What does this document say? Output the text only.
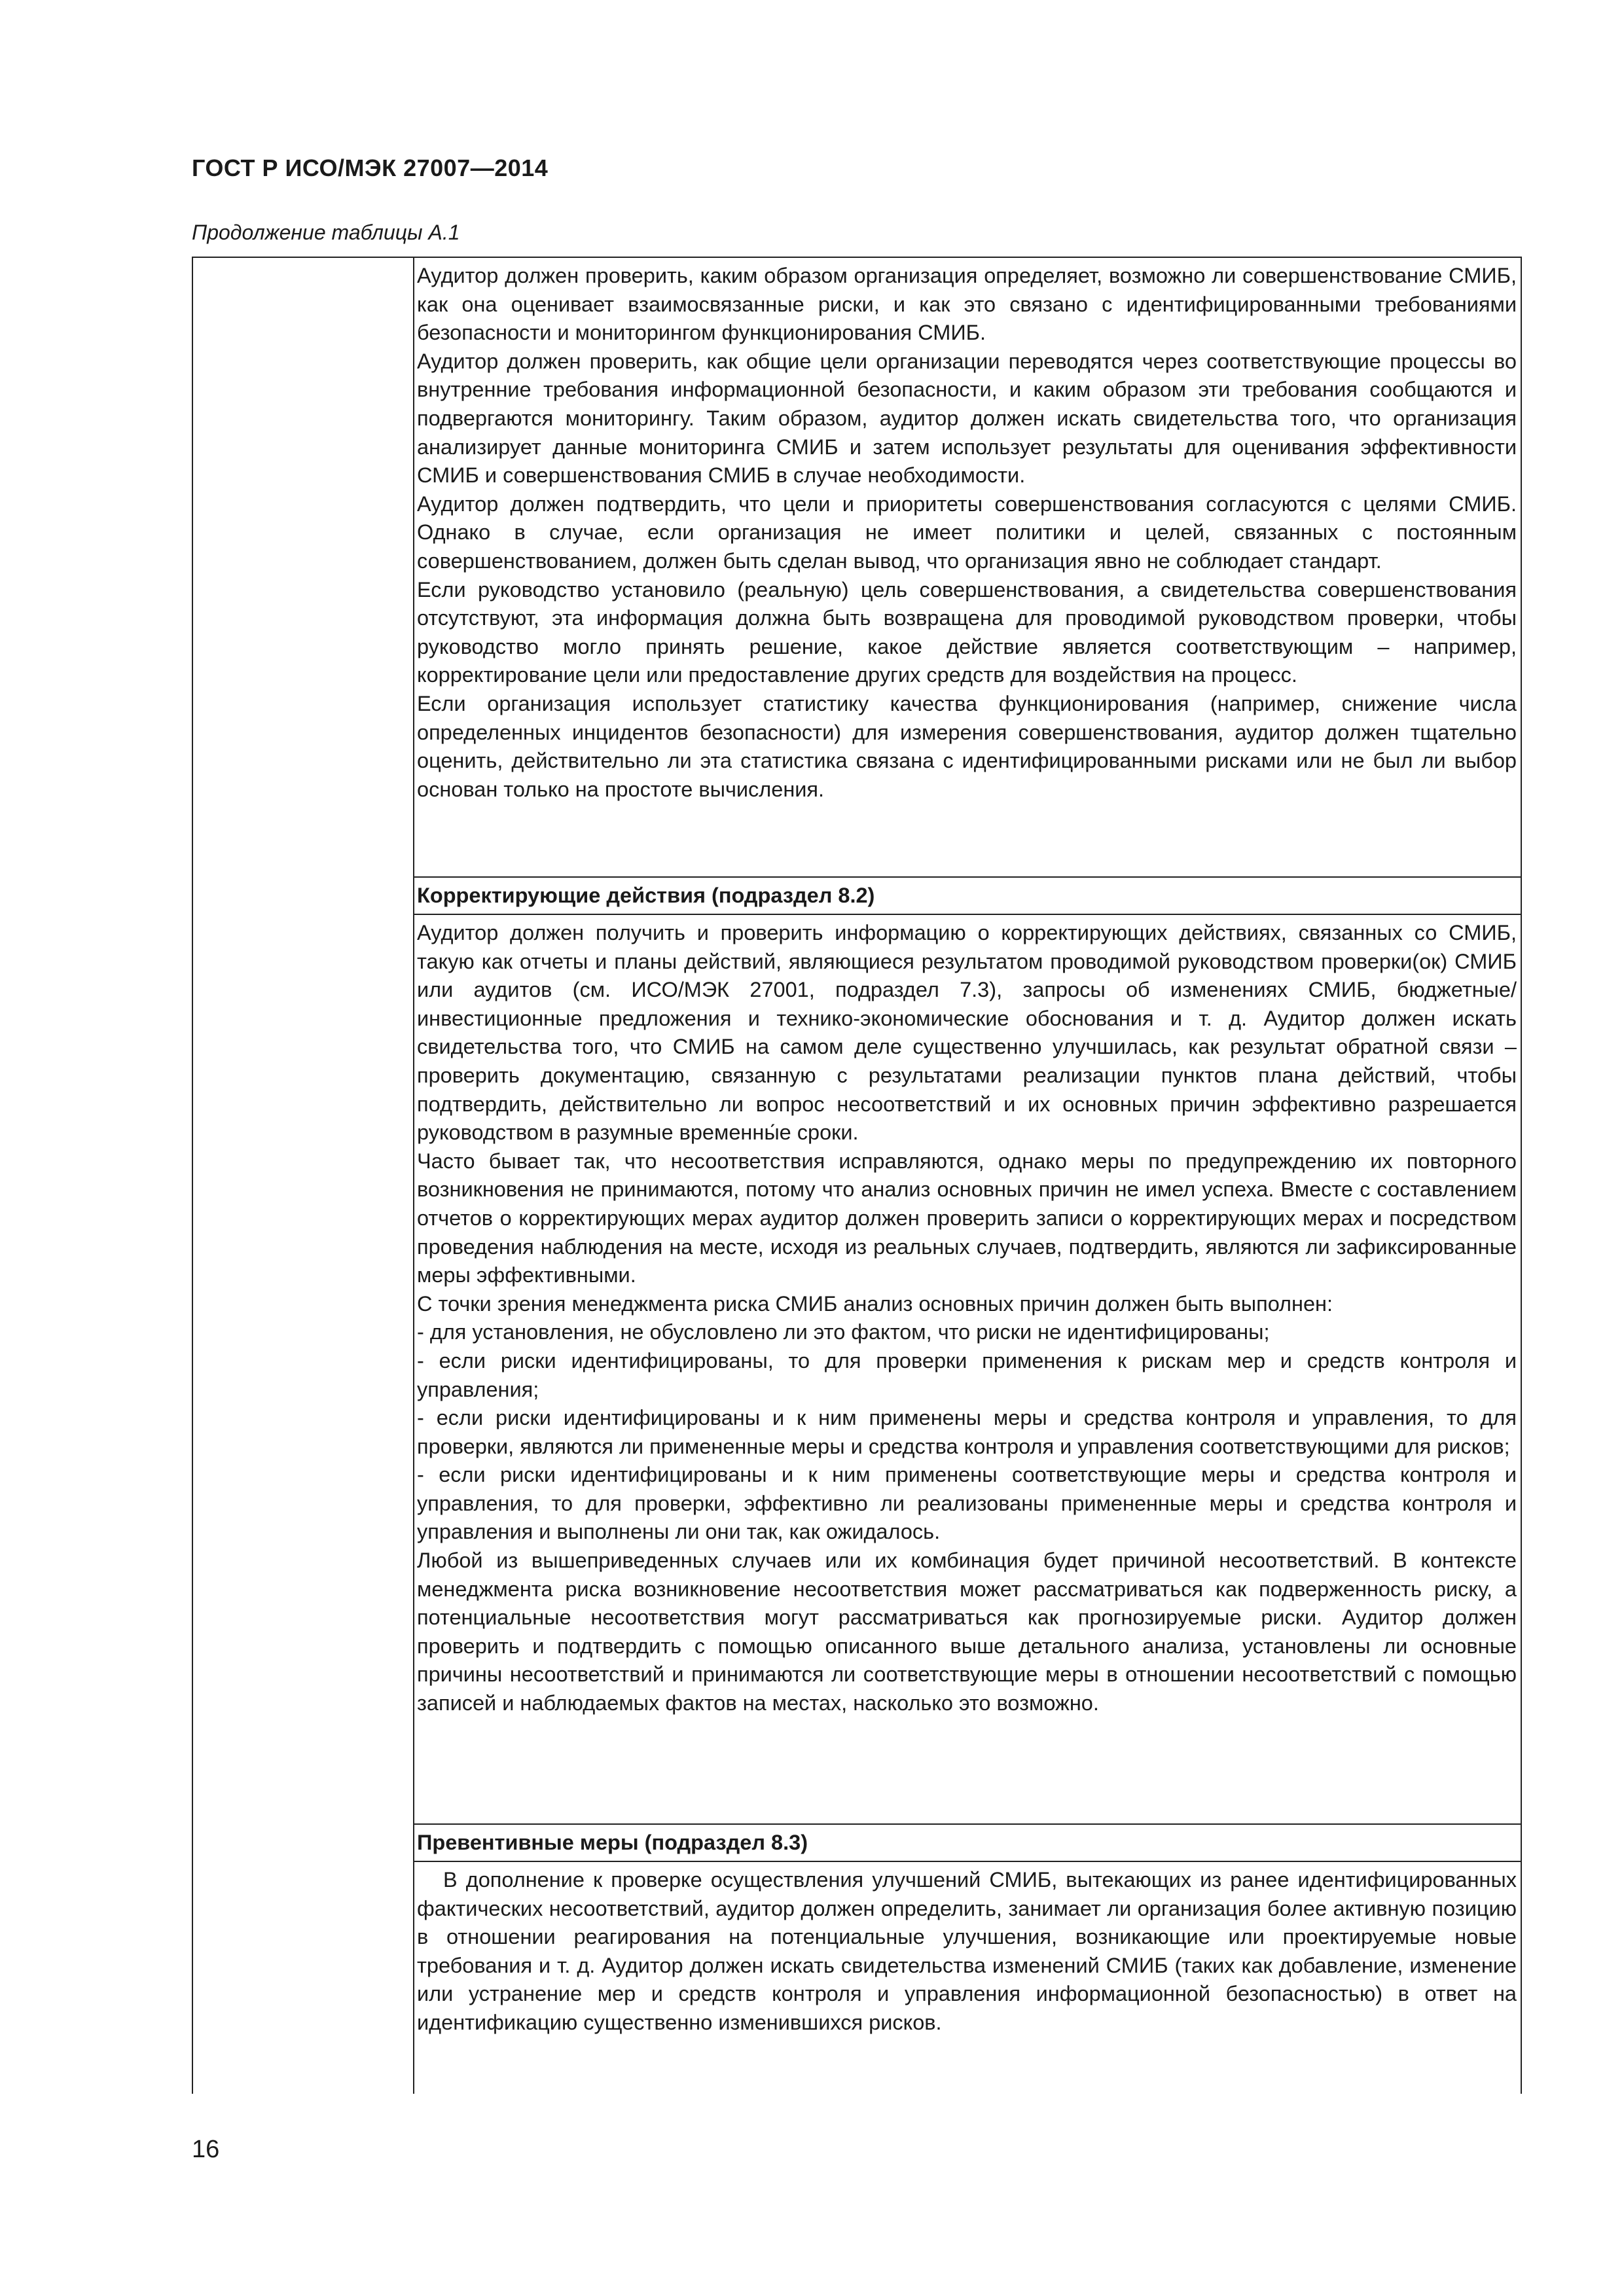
ГОСТ Р ИСО/МЭК 27007—2014
Продолжение таблицы А.1

Аудитор должен проверить, каким образом организация определяет, возможно ли совершенствование СМИБ, как она оценивает взаимосвязанные риски, и как это связано с идентифицированными требованиями безопасности и мониторингом функционирования СМИБ.

Аудитор должен проверить, как общие цели организации переводятся через соответствующие процессы во внутренние требования информационной безопасности, и каким образом эти требования сообщаются и подвергаются мониторингу. Таким образом, аудитор должен искать свидетельства того, что организация анализирует данные мониторинга СМИБ и затем использует результаты для оценивания эффективности СМИБ и совершенствования СМИБ в случае необходимости.

Аудитор должен подтвердить, что цели и приоритеты совершенствования согласуются с целями СМИБ. Однако в случае, если организация не имеет политики и целей, связанных с постоянным совершенствованием, должен быть сделан вывод, что организация явно не соблюдает стандарт.

Если руководство установило (реальную) цель совершенствования, а свидетельства совершенствования отсутствуют, эта информация должна быть возвращена для проводимой руководством проверки, чтобы руководство могло принять решение, какое действие является соответствующим – например, корректирование цели или предоставление других средств для воздействия на процесс.

Если организация использует статистику качества функционирования (например, снижение числа определенных инцидентов безопасности) для измерения совершенствования, аудитор должен тщательно оценить, действительно ли эта статистика связана с идентифицированными рисками или не был ли выбор основан только на простоте вычисления.

Корректирующие действия (подраздел 8.2)

Аудитор должен получить и проверить информацию о корректирующих действиях, связанных со СМИБ, такую как отчеты и планы действий, являющиеся результатом проводимой руководством проверки(ок) СМИБ или аудитов (см. ИСО/МЭК 27001, подраздел 7.3), запросы об изменениях СМИБ, бюджетные/инвестиционные предложения и технико-экономические обоснования и т. д. Аудитор должен искать свидетельства того, что СМИБ на самом деле существенно улучшилась, как результат обратной связи – проверить документацию, связанную с результатами реализации пунктов плана действий, чтобы подтвердить, действительно ли вопрос несоответствий и их основных причин эффективно разрешается руководством в разумные временны́е сроки.

Часто бывает так, что несоответствия исправляются, однако меры по предупреждению их повторного возникновения не принимаются, потому что анализ основных причин не имел успеха. Вместе с составлением отчетов о корректирующих мерах аудитор должен проверить записи о корректирующих мерах и посредством проведения наблюдения на месте, исходя из реальных случаев, подтвердить, являются ли зафиксированные меры эффективными.

С точки зрения менеджмента риска СМИБ анализ основных причин должен быть выполнен:

- для установления, не обусловлено ли это фактом, что риски не идентифицированы;

- если риски идентифицированы, то для проверки применения к рискам мер и средств контроля и управления;

- если риски идентифицированы и к ним применены меры и средства контроля и управления, то для проверки, являются ли примененные меры и средства контроля и управления соответствующими для рисков;

- если риски идентифицированы и к ним применены соответствующие меры и средства контроля и управления, то для проверки, эффективно ли реализованы примененные меры и средства контроля и управления и выполнены ли они так, как ожидалось.

Любой из вышеприведенных случаев или их комбинация будет причиной несоответствий. В контексте менеджмента риска возникновение несоответствия может рассматриваться как подверженность риску, а потенциальные несоответствия могут рассматриваться как прогнозируемые риски. Аудитор должен проверить и подтвердить с помощью описанного выше детального анализа, установлены ли основные причины несоответствий и принимаются ли соответствующие меры в отношении несоответствий с помощью записей и наблюдаемых фактов на местах, насколько это возможно.

Превентивные меры (подраздел 8.3)

В дополнение к проверке осуществления улучшений СМИБ, вытекающих из ранее идентифицированных фактических несоответствий, аудитор должен определить, занимает ли организация более активную позицию в отношении реагирования на потенциальные улучшения, возникающие или проектируемые новые требования и т. д. Аудитор должен искать свидетельства изменений СМИБ (таких как добавление, изменение или устранение мер и средств контроля и управления информационной безопасностью) в ответ на идентификацию существенно изменившихся рисков.

16
